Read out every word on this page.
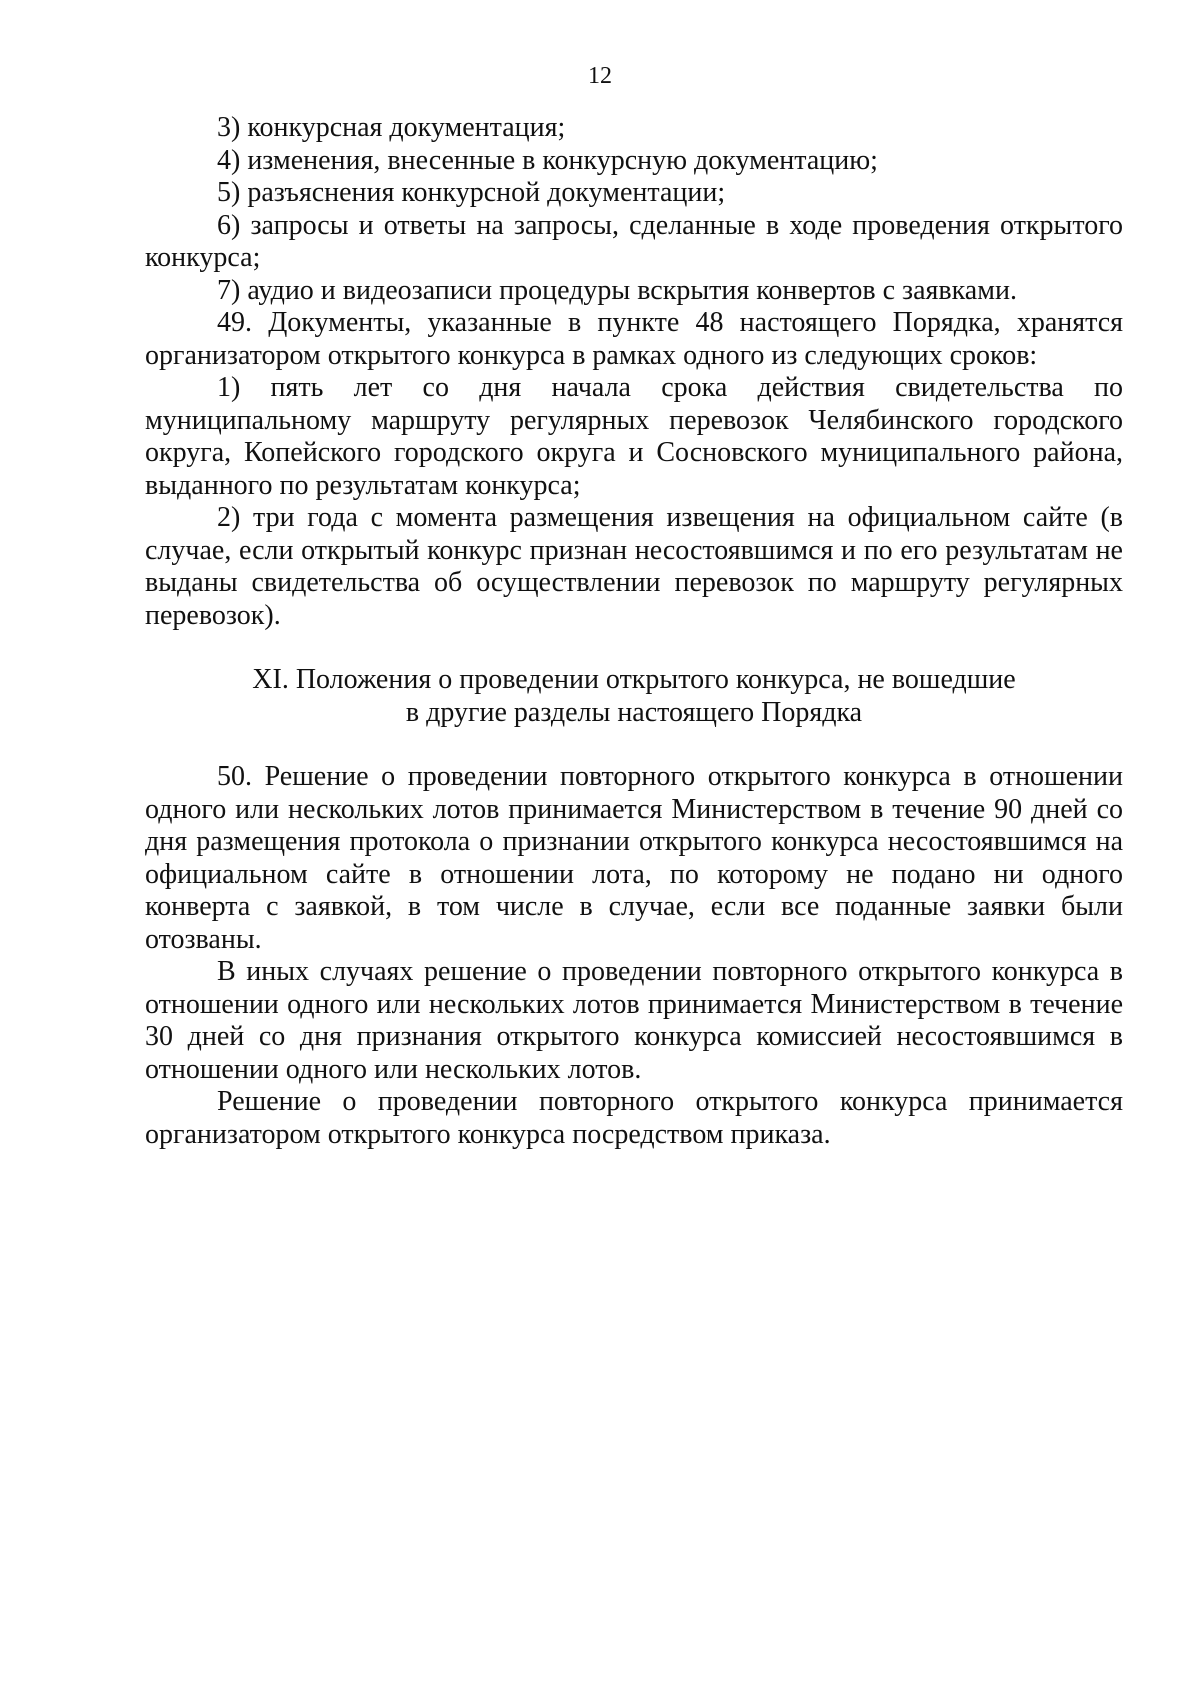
12

3) конкурсная документация;

4) изменения, внесенные в конкурсную документацию;

5) разъяснения конкурсной документации;

6) запросы и ответы на запросы, сделанные в ходе проведения открытого конкурса;

7) аудио и видеозаписи процедуры вскрытия конвертов с заявками.

49. Документы, указанные в пункте 48 настоящего Порядка, хранятся организатором открытого конкурса в рамках одного из следующих сроков:

1) пять лет со дня начала срока действия свидетельства по муниципальному маршруту регулярных перевозок Челябинского городского округа, Копейского городского округа и Сосновского муниципального района, выданного по результатам конкурса;

2) три года с момента размещения извещения на официальном сайте (в случае, если открытый конкурс признан несостоявшимся и по его результатам не выданы свидетельства об осуществлении перевозок по маршруту регулярных перевозок).

XI. Положения о проведении открытого конкурса, не вошедшие

в другие разделы настоящего Порядка

50. Решение о проведении повторного открытого конкурса в отношении одного или нескольких лотов принимается Министерством в течение 90 дней со дня размещения протокола о признании открытого конкурса несостоявшимся на официальном сайте в отношении лота, по которому не подано ни одного конверта с заявкой, в том числе в случае, если все поданные заявки были отозваны.

В иных случаях решение о проведении повторного открытого конкурса в отношении одного или нескольких лотов принимается Министерством в течение 30 дней со дня признания открытого конкурса комиссией несостоявшимся в отношении одного или нескольких лотов.

Решение о проведении повторного открытого конкурса принимается организатором открытого конкурса посредством приказа.
